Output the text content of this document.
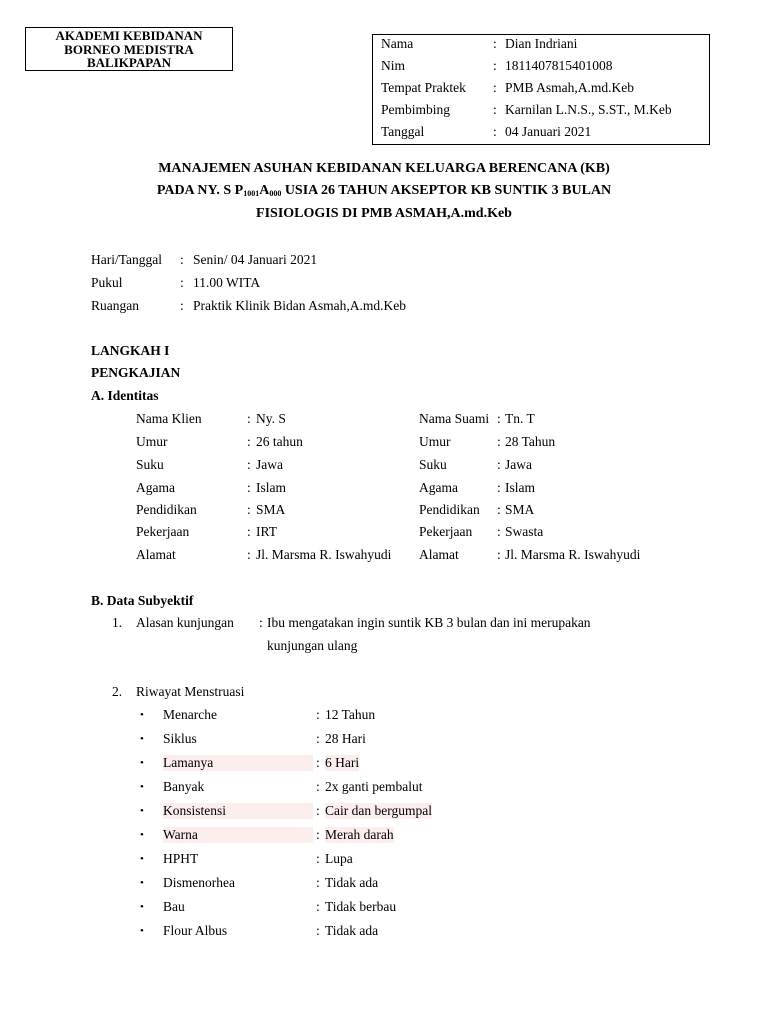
AKADEMI KEBIDANAN
BORNEO MEDISTRA
BALIKPAPAN
Nama	: Dian Indriani
Nim	: 1811407815401008
Tempat Praktek : PMB Asmah,A.md.Keb
Pembimbing	: Karnilan L.N.S., S.ST., M.Keb
Tanggal	: 04 Januari 2021
MANAJEMEN ASUHAN KEBIDANAN KELUARGA BERENCANA (KB)
PADA NY. S $P_{1001}A_{000}$ USIA 26 TAHUN AKSEPTOR KB SUNTIK 3 BULAN
FISIOLOGIS DI PMB ASMAH,A.md.Keb
Hari/Tanggal : Senin/ 04 Januari 2021
Pukul	: 11.00 WITA
Ruangan	: Praktik Klinik Bidan Asmah,A.md.Keb
LANGKAH I
PENGKAJIAN
A. Identitas
Nama Klien	: Ny. S	Nama Suami : Tn. T
Umur	: 26 tahun	Umur	: 28 Tahun
Suku	: Jawa	Suku	: Jawa
Agama	: Islam	Agama	: Islam
Pendidikan	: SMA	Pendidikan : SMA
Pekerjaan	: IRT	Pekerjaan : Swasta
Alamat	: Jl. Marsma R. Iswahyudi Alamat	: Jl. Marsma R. Iswahyudi
B. Data Subyektif
1. Alasan kunjungan : Ibu mengatakan ingin suntik KB 3 bulan dan ini merupakan
kunjungan ulang
2. Riwayat Menstruasi
• Menarche	: 12 Tahun
• Siklus	: 28 Hari
• Lamanya	: 6 Hari
• Banyak	: 2x ganti pembalut
• Konsistensi	: Cair dan bergumpal
• Warna	: Merah darah
• HPHT	: Lupa
• Dismenorhea	: Tidak ada
• Bau	: Tidak berbau
• Flour Albus	: Tidak ada
